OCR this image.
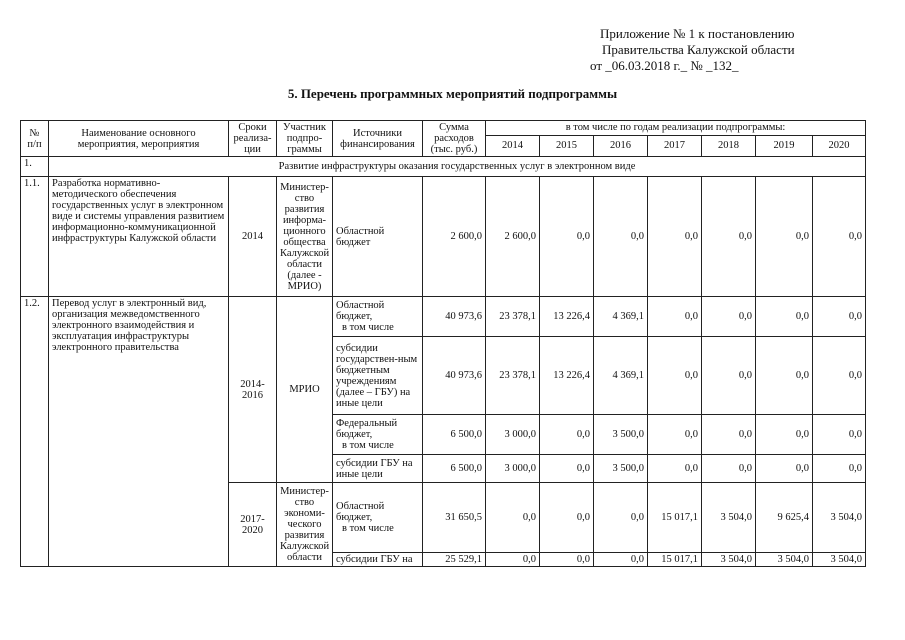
Приложение № 1 к постановлению
Правительства Калужской области
от _06.03.2018 г._ № _132_
5. Перечень программных мероприятий подпрограммы
№ п/п	Наименование основного мероприятия, мероприятия	Сроки реализа-ции	Участник подпро-граммы	Источники финансирования	Сумма расходов (тыс. руб.)	в том числе по годам реализации подпрограммы:						
						2014	2015	2016	2017	2018	2019	2020
1.	Развитие инфраструктуры оказания государственных услуг в электронном виде											
1.1.	Разработка нормативно-методического обеспечения государственных услуг в электронном виде и системы управления развитием информационно-коммуникационной инфраструктуры Калужской области	2014	Министер-ство развития информа-ционного общества Калужской области (далее - МРИО)	Областной бюджет	2 600,0	2 600,0	0,0	0,0	0,0	0,0	0,0	0,0
1.2.	Перевод услуг в электронный вид, организация межведомственного электронного взаимодействия и эксплуатация инфраструктуры электронного правительства	2014-2016	МРИО	Областной бюджет,
в том числе	40 973,6	23 378,1	13 226,4	4 369,1	0,0	0,0	0,0	0,0
				субсидии государствен-ным бюджетным учреждениям (далее – ГБУ) на иные цели	40 973,6	23 378,1	13 226,4	4 369,1	0,0	0,0	0,0	0,0

				Федеральный бюджет,
в том числе	6 500,0	3 000,0	0,0	3 500,0	0,0	0,0	0,0	0,0
				субсидии ГБУ на иные цели	6 500,0	3 000,0	0,0	3 500,0	0,0	0,0	0,0	0,0
		2017-2020	Министер-ство экономи-ческого развития Калужской области	Областной бюджет,
в том числе	31 650,5	0,0	0,0	0,0	15 017,1	3 504,0	9 625,4	3 504,0
				субсидии ГБУ на	25 529,1	0,0	0,0	0,0	15 017,1	3 504,0	3 504,0	3 504,0
